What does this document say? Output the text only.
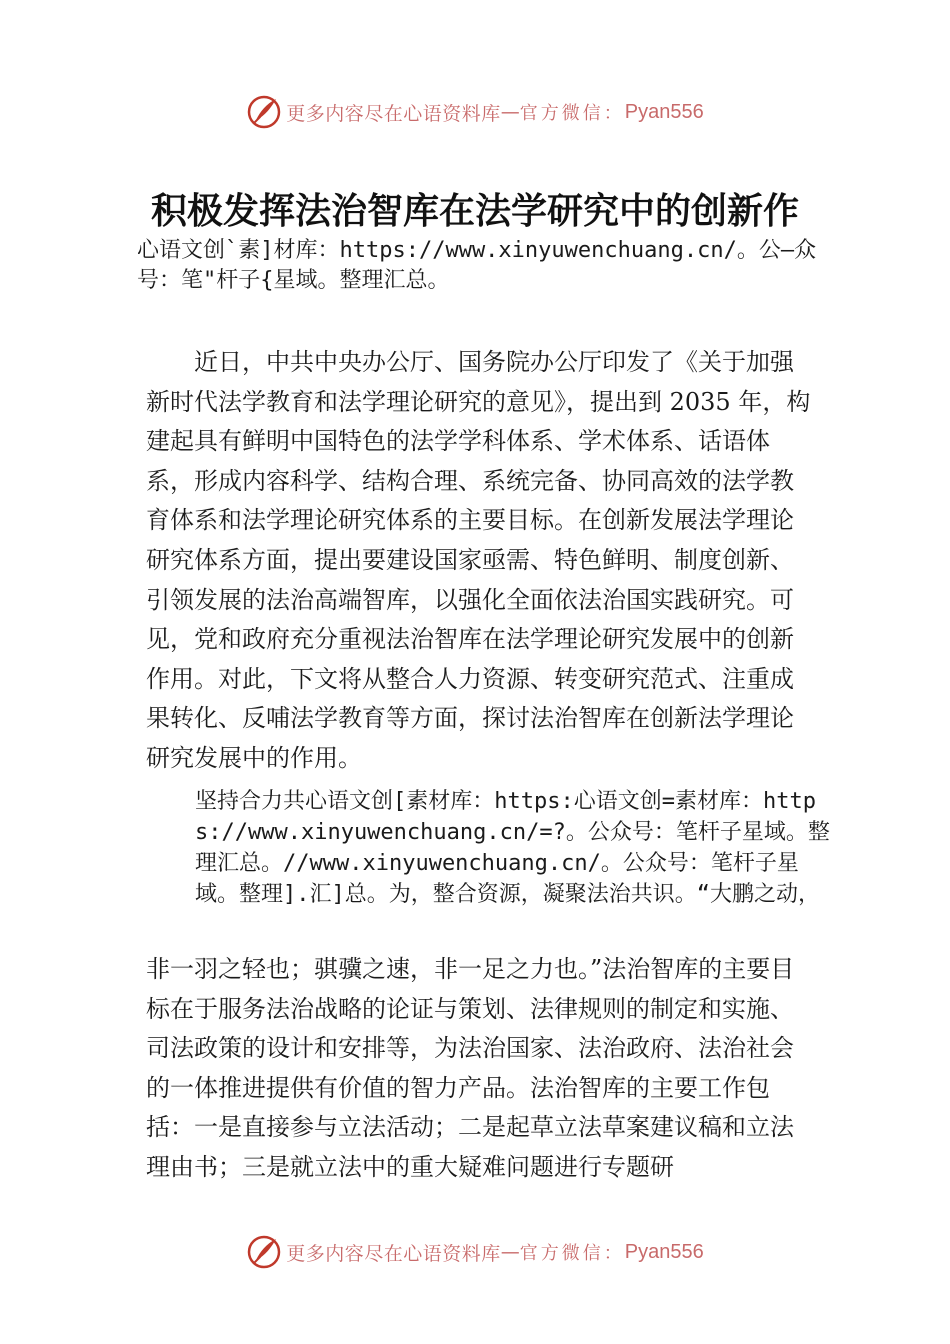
更多内容尽在心语资料库 — 官方微信： Pyan556
积极发挥法治智库在法学研究中的创新作

心语文创`素]材库：https://www.xinyuwenchuang.cn/。公—众号：笔"杆子{星域。整理汇总。

近日，中共中央办公厅、国务院办公厅印发了《关于加强新时代法学教育和法学理论研究的意见》，提出到 2035 年，构建起具有鲜明中国特色的法学学科体系、学术体系、话语体系，形成内容科学、结构合理、系统完备、协同高效的法学教育体系和法学理论研究体系的主要目标。在创新发展法学理论研究体系方面，提出要建设国家亟需、特色鲜明、制度创新、引领发展的法治高端智库，以强化全面依法治国实践研究。可见，党和政府充分重视法治智库在法学理论研究发展中的创新作用。对此，下文将从整合人力资源、转变研究范式、注重成果转化、反哺法学教育等方面，探讨法治智库在创新法学理论研究发展中的作用。

坚持合力共心语文创[素材库：https:心语文创=素材库：https://www.xinyuwenchuang.cn/=?。公众号：笔杆子星域。整理汇总。//www.xinyuwenchuang.cn/。公众号：笔杆子星域。整理].汇]总。为，整合资源，凝聚法治共识。“大鹏之动，

非一羽之轻也；骐骥之速，非一足之力也。”法治智库的主要目标在于服务法治战略的论证与策划、法律规则的制定和实施、司法政策的设计和安排等，为法治国家、法治政府、法治社会的一体推进提供有价值的智力产品。法治智库的主要工作包括：一是直接参与立法活动；二是起草立法草案建议稿和立法理由书；三是就立法中的重大疑难问题进行专题研

更多内容尽在心语资料库 — 官方微信： Pyan556
